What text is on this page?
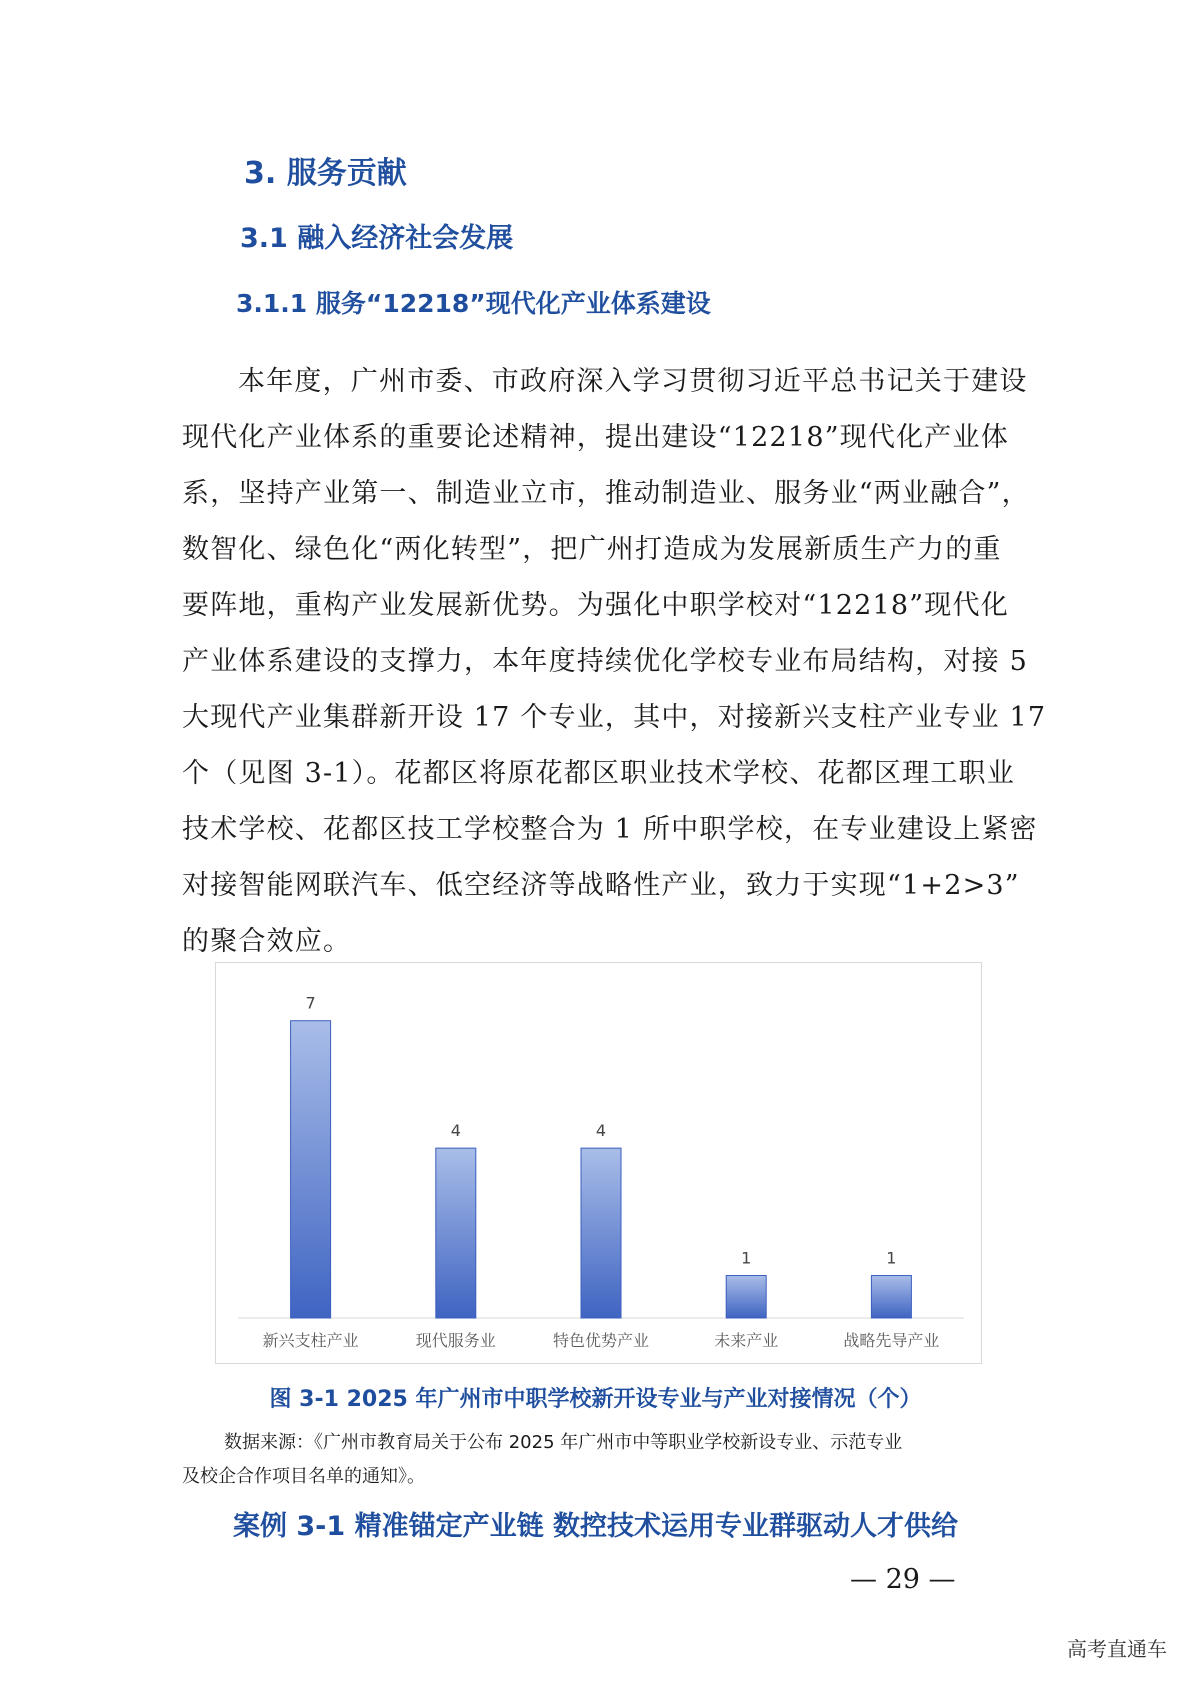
3. 服务贡献
3.1 融入经济社会发展
3.1.1 服务“12218”现代化产业体系建设
本年度，广州市委、市政府深入学习贯彻习近平总书记关于建设
现代化产业体系的重要论述精神，提出建设“12218”现代化产业体
系，坚持产业第一、制造业立市，推动制造业、服务业“两业融合”，
数智化、绿色化“两化转型”，把广州打造成为发展新质生产力的重
要阵地，重构产业发展新优势。为强化中职学校对“12218”现代化
产业体系建设的支撑力，本年度持续优化学校专业布局结构，对接 5
大现代产业集群新开设 17 个专业，其中，对接新兴支柱产业专业 17
个（见图 3-1）。花都区将原花都区职业技术学校、花都区理工职业
技术学校、花都区技工学校整合为 1 所中职学校，在专业建设上紧密
对接智能网联汽车、低空经济等战略性产业，致力于实现“1+2>3”
的聚合效应。
7
新兴支柱产业
4
现代服务业
4
特色优势产业
1
未来产业
1
战略先导产业
图 3-1 2025 年广州市中职学校新开设专业与产业对接情况（个）
数据来源：《广州市教育局关于公布 2025 年广州市中等职业学校新设专业、示范专业
及校企合作项目名单的通知》。
案例 3-1 精准锚定产业链 数控技术运用专业群驱动人才供给
— 29 —
高考直通车
